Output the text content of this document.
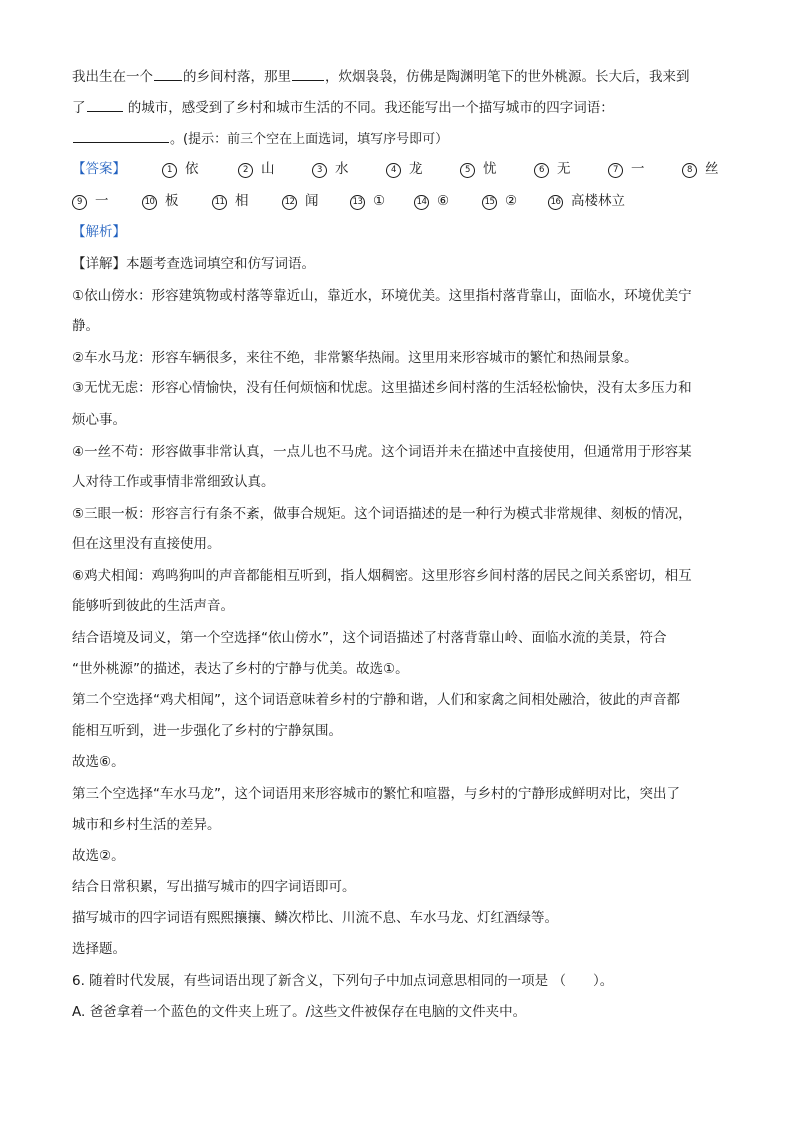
我出生在一个 的乡间村落，那里	，炊烟袅袅，仿佛是陶渊明笔下的世外桃源。长大后，我来到
了	的城市，感受到了乡村和城市生活的不同。我还能写出一个描写城市的四字词语：
。(提示：前三个空在上面选词，填写序号即可）
【答案】	1 依	2 山	3 水	4 龙	5 忧	6 无	7 一	8 丝
9 一	10 板	11 相	12 闻	13 ①	14 ⑥	15 ②	16 高楼林立
【解析】
【详解】本题考查选词填空和仿写词语。
①依山傍水：形容建筑物或村落等靠近山，靠近水，环境优美。这里指村落背靠山，面临水，环境优美宁
静。
②车水马龙：形容车辆很多，来往不绝，非常繁华热闹。这里用来形容城市的繁忙和热闹景象。
③无忧无虑：形容心情愉快，没有任何烦恼和忧虑。这里描述乡间村落的生活轻松愉快，没有太多压力和
烦心事。
④一丝不苟：形容做事非常认真，一点儿也不马虎。这个词语并未在描述中直接使用，但通常用于形容某
人对待工作或事情非常细致认真。
⑤三眼一板：形容言行有条不紊，做事合规矩。这个词语描述的是一种行为模式非常规律、刻板的情况，
但在这里没有直接使用。
⑥鸡犬相闻：鸡鸣狗叫的声音都能相互听到，指人烟稠密。这里形容乡间村落的居民之间关系密切，相互
能够听到彼此的生活声音。
结合语境及词义，第一个空选择“依山傍水”，这个词语描述了村落背靠山岭、面临水流的美景，符合
“世外桃源”的描述，表达了乡村的宁静与优美。故选①。
第二个空选择“鸡犬相闻”，这个词语意味着乡村的宁静和谐，人们和家禽之间相处融洽，彼此的声音都
能相互听到，进一步强化了乡村的宁静氛围。
故选⑥。
第三个空选择“车水马龙”，这个词语用来形容城市的繁忙和喧嚣，与乡村的宁静形成鲜明对比，突出了
城市和乡村生活的差异。
故选②。
结合日常积累，写出描写城市的四字词语即可。
描写城市的四字词语有熙熙攘攘、鳞次栉比、川流不息、车水马龙、灯红酒绿等。
选择题。
6. 随着时代发展，有些词语出现了新含义，下列句子中加点词意思相同的一项是 （　　）。
A. 爸爸拿着一个蓝色的文件夹上班了。/这些文件被保存在电脑的文件夹中。
